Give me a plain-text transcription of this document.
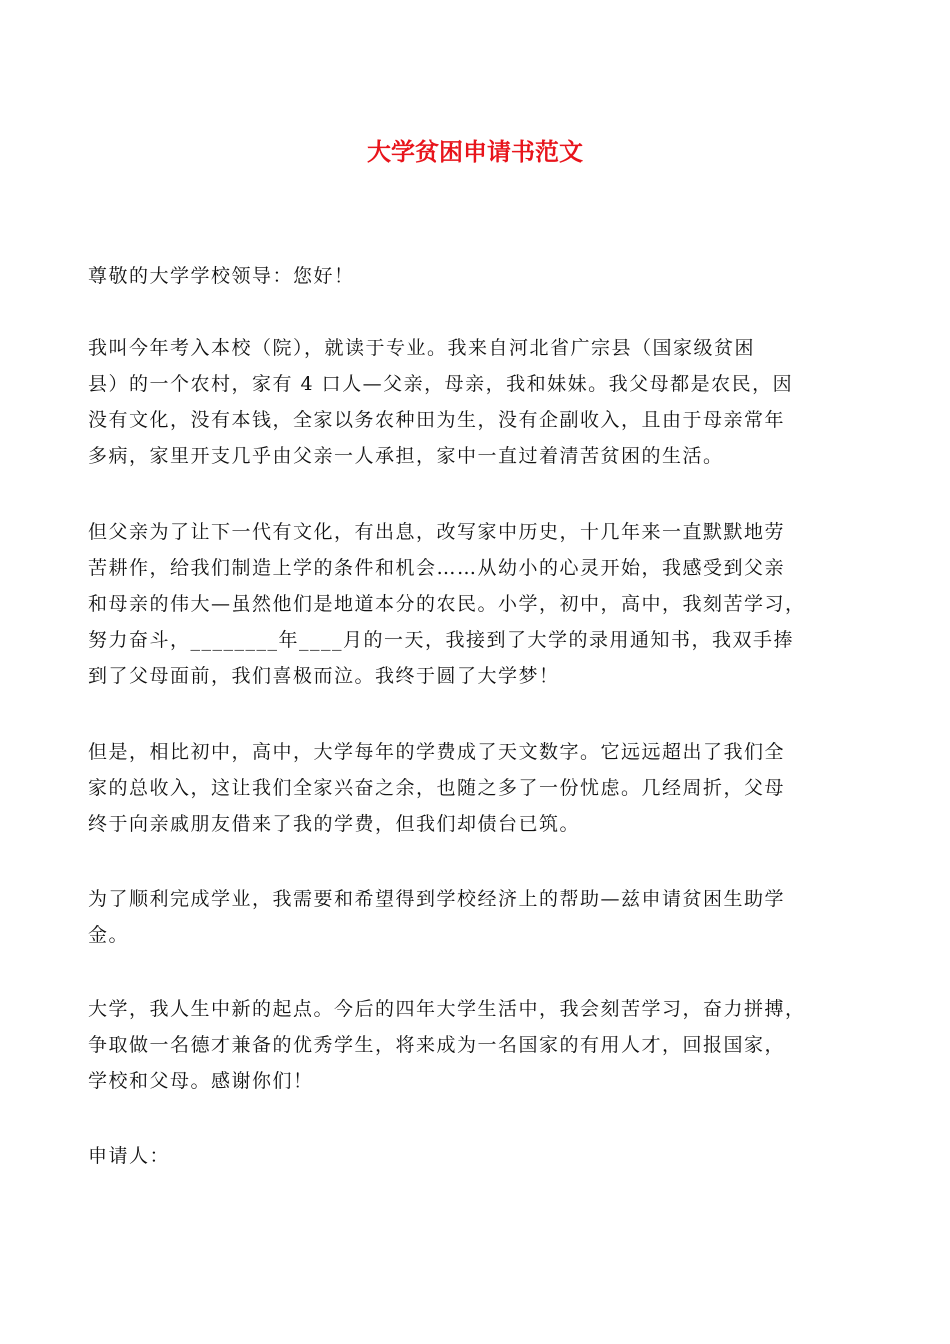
大学贫困申请书范文
尊敬的大学学校领导：您好！
我叫今年考入本校（院），就读于专业。我来自河北省广宗县（国家级贫困
县）的一个农村，家有 4 口人—父亲，母亲，我和妹妹。我父母都是农民，因
没有文化，没有本钱，全家以务农种田为生，没有企副收入，且由于母亲常年
多病，家里开支几乎由父亲一人承担，家中一直过着清苦贫困的生活。
但父亲为了让下一代有文化，有出息，改写家中历史，十几年来一直默默地劳
苦耕作，给我们制造上学的条件和机会……从幼小的心灵开始，我感受到父亲
和母亲的伟大—虽然他们是地道本分的农民。小学，初中，高中，我刻苦学习，
努力奋斗，________年____月的一天，我接到了大学的录用通知书，我双手捧
到了父母面前，我们喜极而泣。我终于圆了大学梦！
但是，相比初中，高中，大学每年的学费成了天文数字。它远远超出了我们全
家的总收入，这让我们全家兴奋之余，也随之多了一份忧虑。几经周折，父母
终于向亲戚朋友借来了我的学费，但我们却债台已筑。
为了顺利完成学业，我需要和希望得到学校经济上的帮助—兹申请贫困生助学
金。
大学，我人生中新的起点。今后的四年大学生活中，我会刻苦学习，奋力拼搏，
争取做一名德才兼备的优秀学生，将来成为一名国家的有用人才，回报国家，
学校和父母。感谢你们！
申请人：
